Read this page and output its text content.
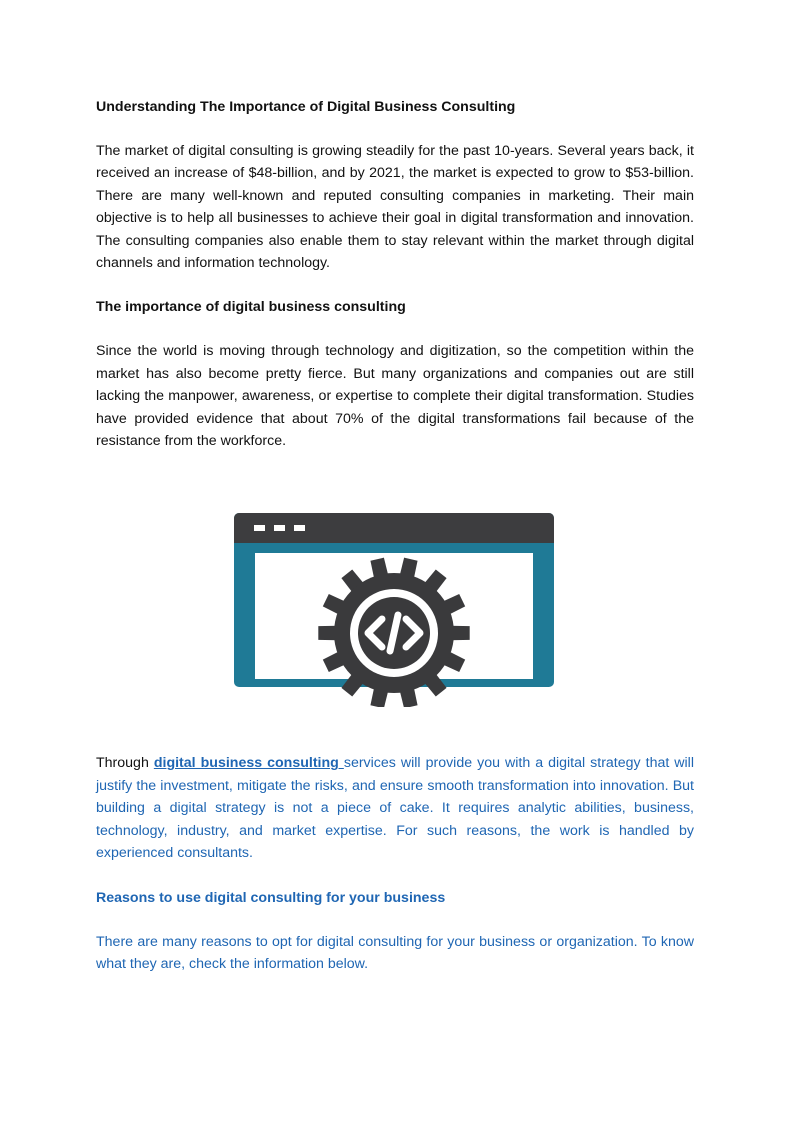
Understanding The Importance of Digital Business Consulting

The market of digital consulting is growing steadily for the past 10-years. Several years back, it received an increase of $48-billion, and by 2021, the market is expected to grow to $53-billion. There are many well-known and reputed consulting companies in marketing. Their main objective is to help all businesses to achieve their goal in digital transformation and innovation. The consulting companies also enable them to stay relevant within the market through digital channels and information technology.

The importance of digital business consulting

Since the world is moving through technology and digitization, so the competition within the market has also become pretty fierce. But many organizations and companies out are still lacking the manpower, awareness, or expertise to complete their digital transformation. Studies have provided evidence that about 70% of the digital transformations fail because of the resistance from the workforce.

Through digital business consulting services will provide you with a digital strategy that will justify the investment, mitigate the risks, and ensure smooth transformation into innovation. But building a digital strategy is not a piece of cake. It requires analytic abilities, business, technology, industry, and market expertise. For such reasons, the work is handled by experienced consultants.

Reasons to use digital consulting for your business

There are many reasons to opt for digital consulting for your business or organization. To know what they are, check the information below.
